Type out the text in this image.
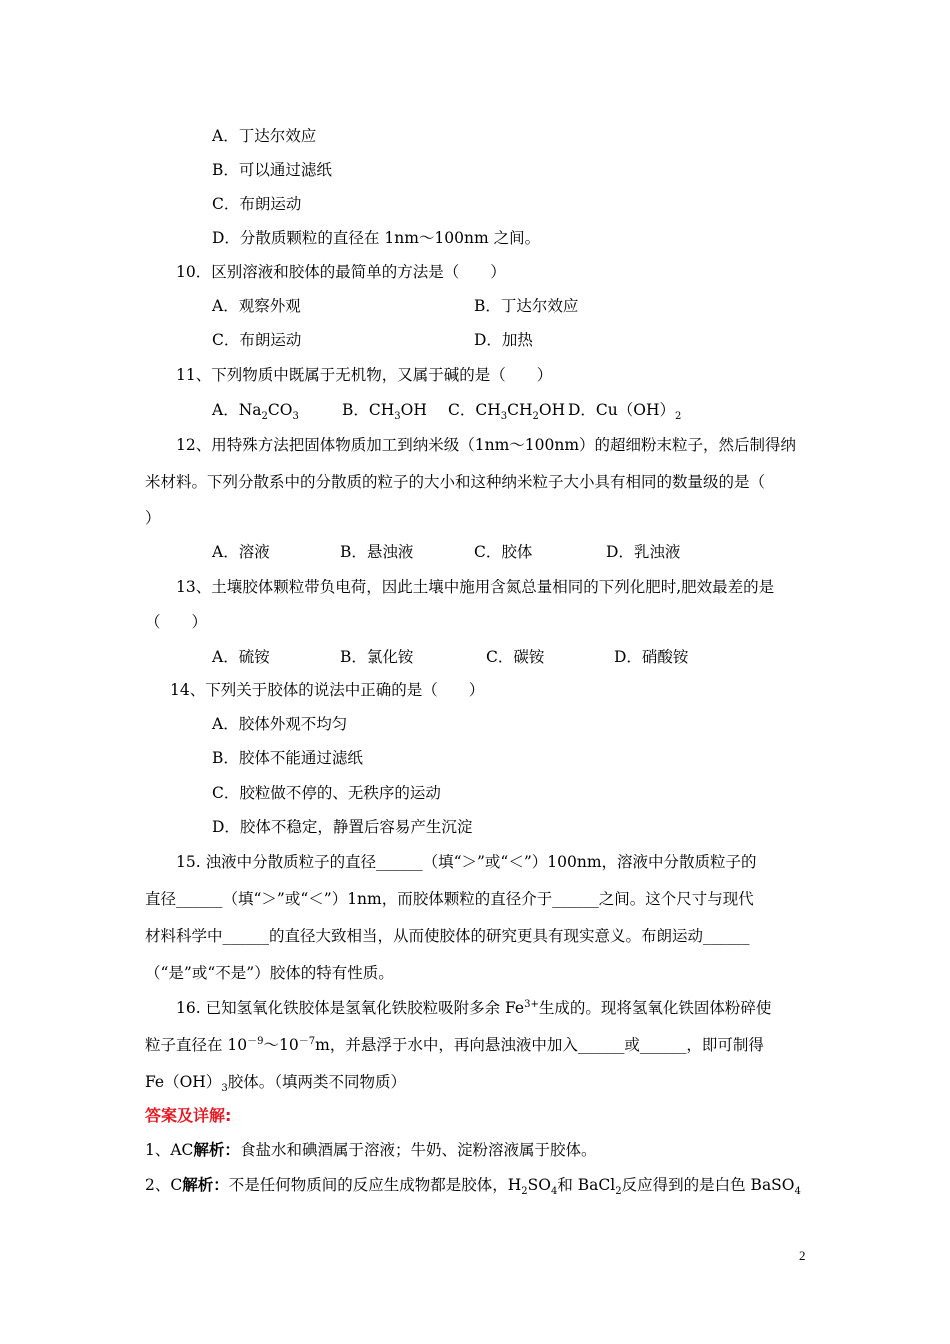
A．丁达尔效应
B．可以通过滤纸
C．布朗运动
D．分散质颗粒的直径在 1nm～100nm 之间。
10．区别溶液和胶体的最简单的方法是（　　）
A．观察外观	B．丁达尔效应
C．布朗运动	D．加热
11、下列物质中既属于无机物，又属于碱的是（　　）
A．$Na_2CO_3$	B．$CH_3OH$ C．$CH_3CH_2OH$ D．$Cu(OH)_2$
12、用特殊方法把固体物质加工到纳米级（1nm～100nm）的超细粉末粒子，然后制得纳
米材料。下列分散系中的分散质的粒子的大小和这种纳米粒子大小具有相同的数量级的是（
）
A．溶液	B．悬浊液	C．胶体	D．乳浊液
13、土壤胶体颗粒带负电荷，因此土壤中施用含氮总量相同的下列化肥时,肥效最差的是
（　　）
A．硫铵	B．氯化铵	C．碳铵	D．硝酸铵
14、下列关于胶体的说法中正确的是（　　）
A．胶体外观不均匀
B．胶体不能通过滤纸
C．胶粒做不停的、无秩序的运动
D．胶体不稳定，静置后容易产生沉淀
15. 浊液中分散质粒子的直径______（填“＞”或“＜”）100nm，溶液中分散质粒子的
直径______（填“＞”或“＜”）1nm，而胶体颗粒的直径介于______之间。这个尺寸与现代
材料科学中______的直径大致相当，从而使胶体的研究更具有现实意义。布朗运动______
（“是”或“不是”）胶体的特有性质。
16. 已知氢氧化铁胶体是氢氧化铁胶粒吸附多余 $Fe^{3+}$生成的。现将氢氧化铁固体粉碎使
粒子直径在 $10^{-9}\sim 10^{-7}m$，并悬浮于水中，再向悬浊液中加入______或______，即可制得
$Fe(OH)_3$胶体。（填两类不同物质）
答案及详解:
1、AC解析：食盐水和碘酒属于溶液；牛奶、淀粉溶液属于胶体。
2、C解析：不是任何物质间的反应生成物都是胶体，$H_2SO_4$和 BaCl$_2$反应得到的是白色 BaSO$_4$
2
